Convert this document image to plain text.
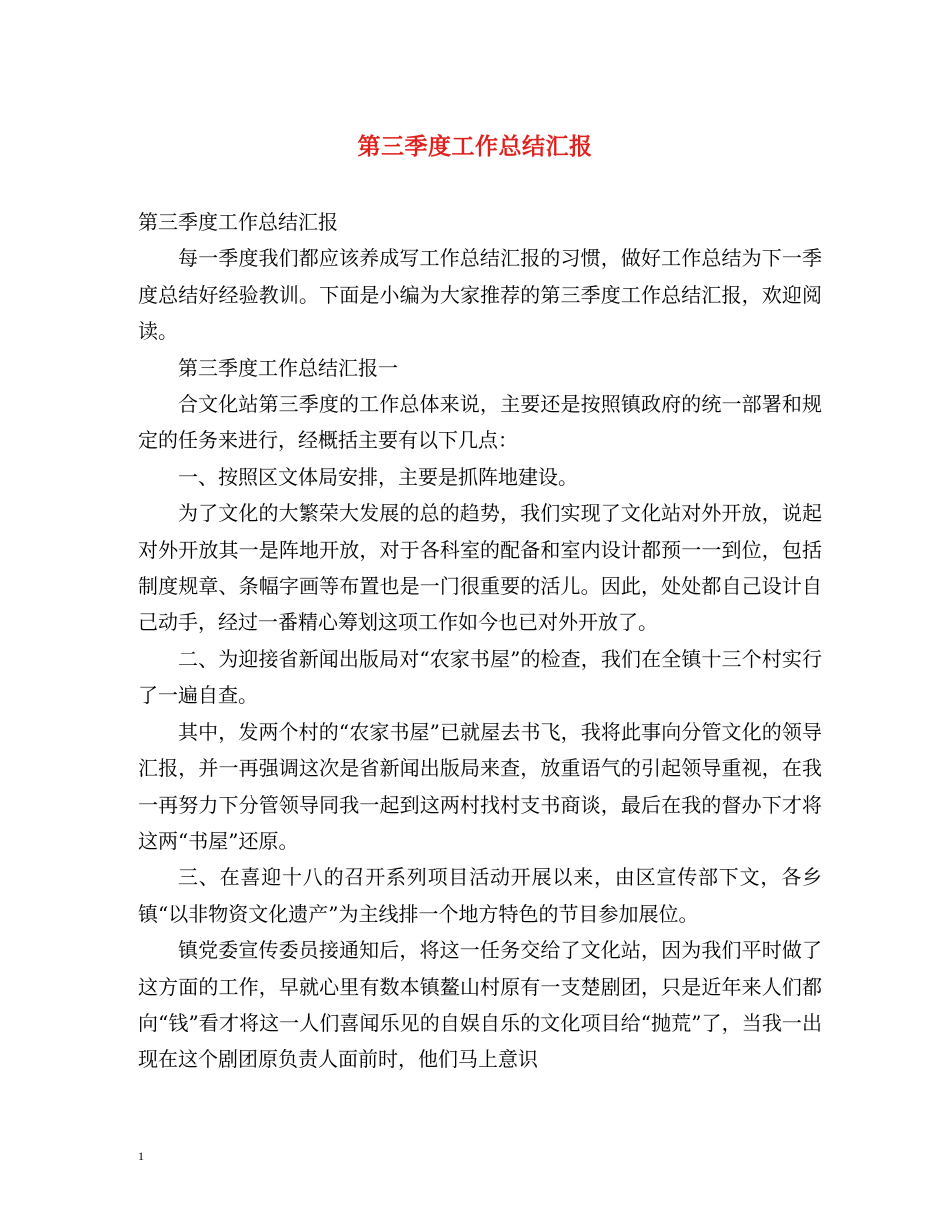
第三季度工作总结汇报

第三季度工作总结汇报

每一季度我们都应该养成写工作总结汇报的习惯，做好工作总结为下一季度总结好经验教训。下面是小编为大家推荐的第三季度工作总结汇报，欢迎阅读。

第三季度工作总结汇报一

合文化站第三季度的工作总体来说，主要还是按照镇政府的统一部署和规定的任务来进行，经概括主要有以下几点：

一、按照区文体局安排，主要是抓阵地建设。

为了文化的大繁荣大发展的总的趋势，我们实现了文化站对外开放，说起对外开放其一是阵地开放，对于各科室的配备和室内设计都预一一到位，包括制度规章、条幅字画等布置也是一门很重要的活儿。因此，处处都自己设计自己动手，经过一番精心筹划这项工作如今也已对外开放了。

二、为迎接省新闻出版局对“农家书屋”的检查，我们在全镇十三个村实行了一遍自查。

其中，发两个村的“农家书屋”已就屋去书飞，我将此事向分管文化的领导汇报，并一再强调这次是省新闻出版局来查，放重语气的引起领导重视，在我一再努力下分管领导同我一起到这两村找村支书商谈，最后在我的督办下才将这两“书屋”还原。

三、在喜迎十八的召开系列项目活动开展以来，由区宣传部下文，各乡镇“以非物资文化遗产”为主线排一个地方特色的节目参加展位。

镇党委宣传委员接通知后，将这一任务交给了文化站，因为我们平时做了这方面的工作，早就心里有数本镇鳌山村原有一支楚剧团，只是近年来人们都向“钱”看才将这一人们喜闻乐见的自娱自乐的文化项目给“抛荒”了，当我一出现在这个剧团原负责人面前时，他们马上意识

1
